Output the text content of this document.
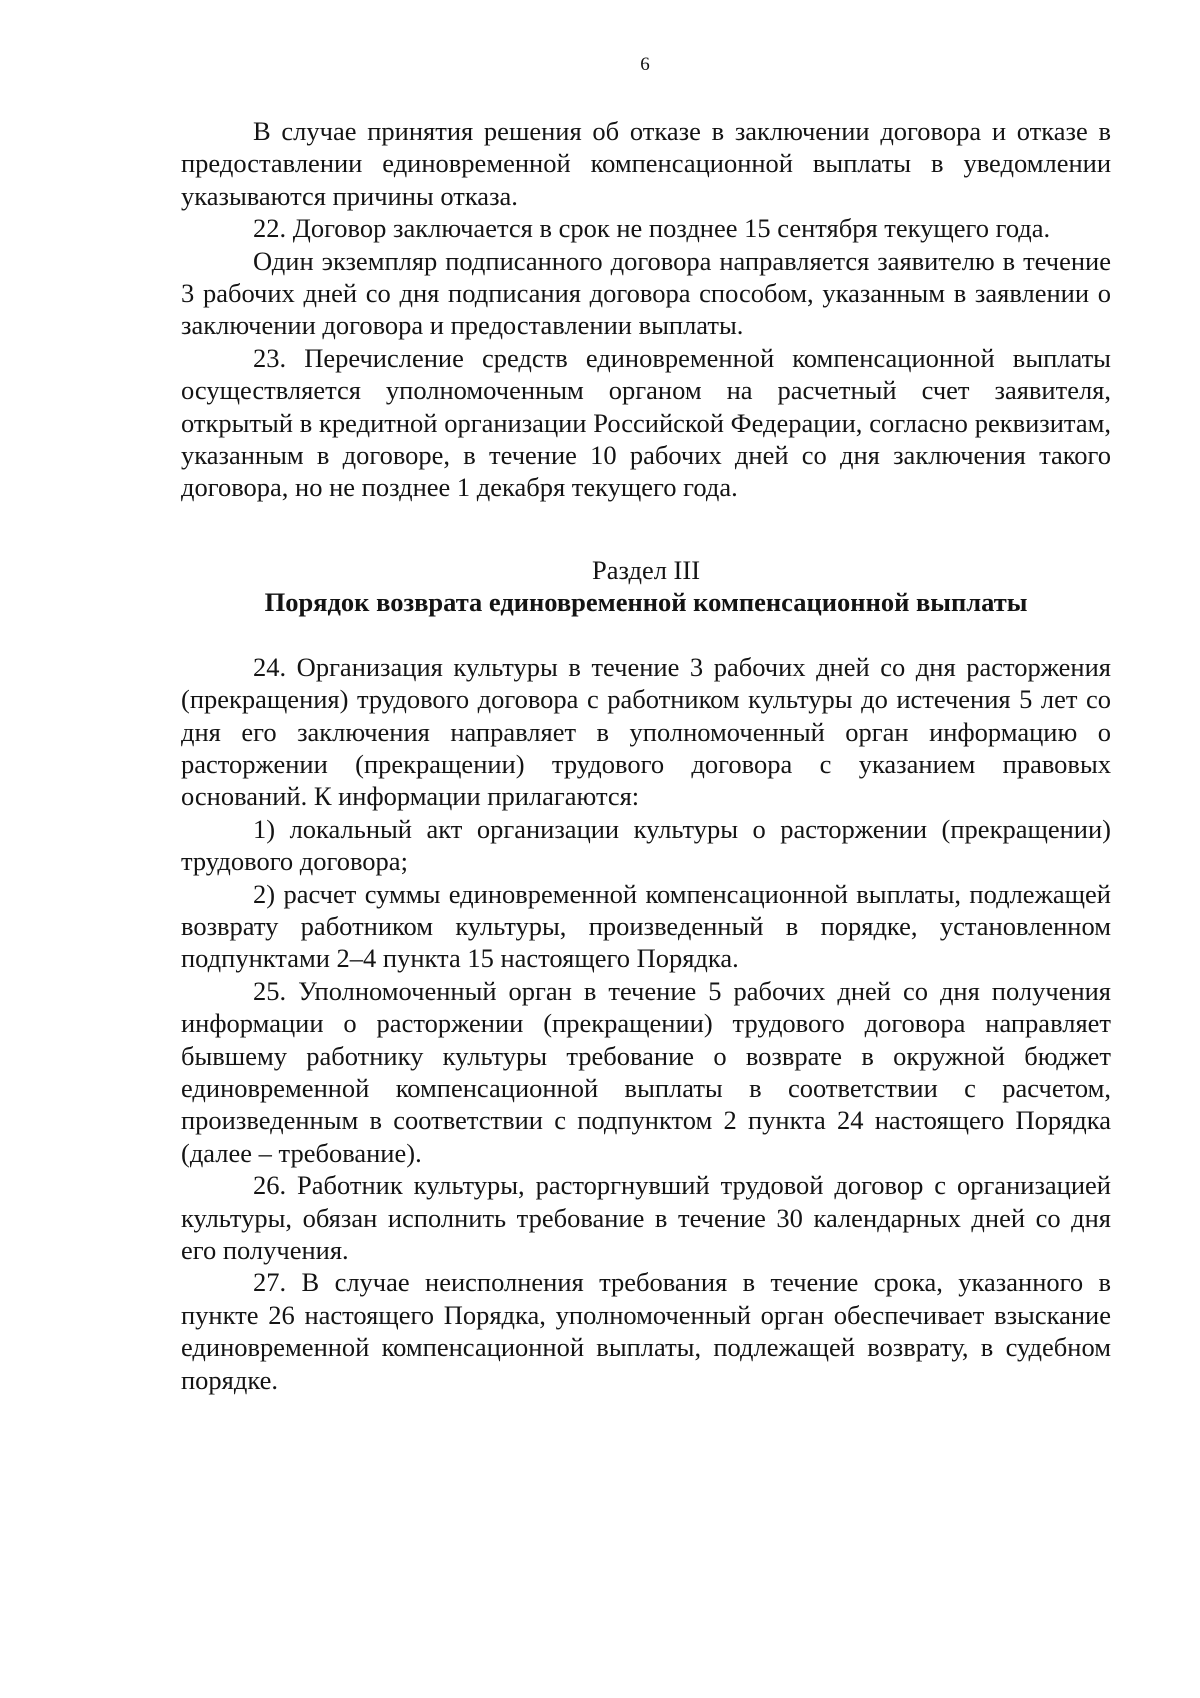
6

В случае принятия решения об отказе в заключении договора и отказе в предоставлении единовременной компенсационной выплаты в уведомлении указываются причины отказа.

22. Договор заключается в срок не позднее 15 сентября текущего года.

Один экземпляр подписанного договора направляется заявителю в течение 3 рабочих дней со дня подписания договора способом, указанным в заявлении о заключении договора и предоставлении выплаты.

23. Перечисление средств единовременной компенсационной выплаты осуществляется уполномоченным органом на расчетный счет заявителя, открытый в кредитной организации Российской Федерации, согласно реквизитам, указанным в договоре, в течение 10 рабочих дней со дня заключения такого договора, но не позднее 1 декабря текущего года.

Раздел III

Порядок возврата единовременной компенсационной выплаты

24. Организация культуры в течение 3 рабочих дней со дня расторжения (прекращения) трудового договора с работником культуры до истечения 5 лет со дня его заключения направляет в уполномоченный орган информацию о расторжении (прекращении) трудового договора с указанием правовых оснований. К информации прилагаются:

1) локальный акт организации культуры о расторжении (прекращении) трудового договора;

2) расчет суммы единовременной компенсационной выплаты, подлежащей возврату работником культуры, произведенный в порядке, установленном подпунктами 2–4 пункта 15 настоящего Порядка.

25. Уполномоченный орган в течение 5 рабочих дней со дня получения информации о расторжении (прекращении) трудового договора направляет бывшему работнику культуры требование о возврате в окружной бюджет единовременной компенсационной выплаты в соответствии с расчетом, произведенным в соответствии с подпунктом 2 пункта 24 настоящего Порядка (далее – требование).

26. Работник культуры, расторгнувший трудовой договор с организацией культуры, обязан исполнить требование в течение 30 календарных дней со дня его получения.

27. В случае неисполнения требования в течение срока, указанного в пункте 26 настоящего Порядка, уполномоченный орган обеспечивает взыскание единовременной компенсационной выплаты, подлежащей возврату, в судебном порядке.
